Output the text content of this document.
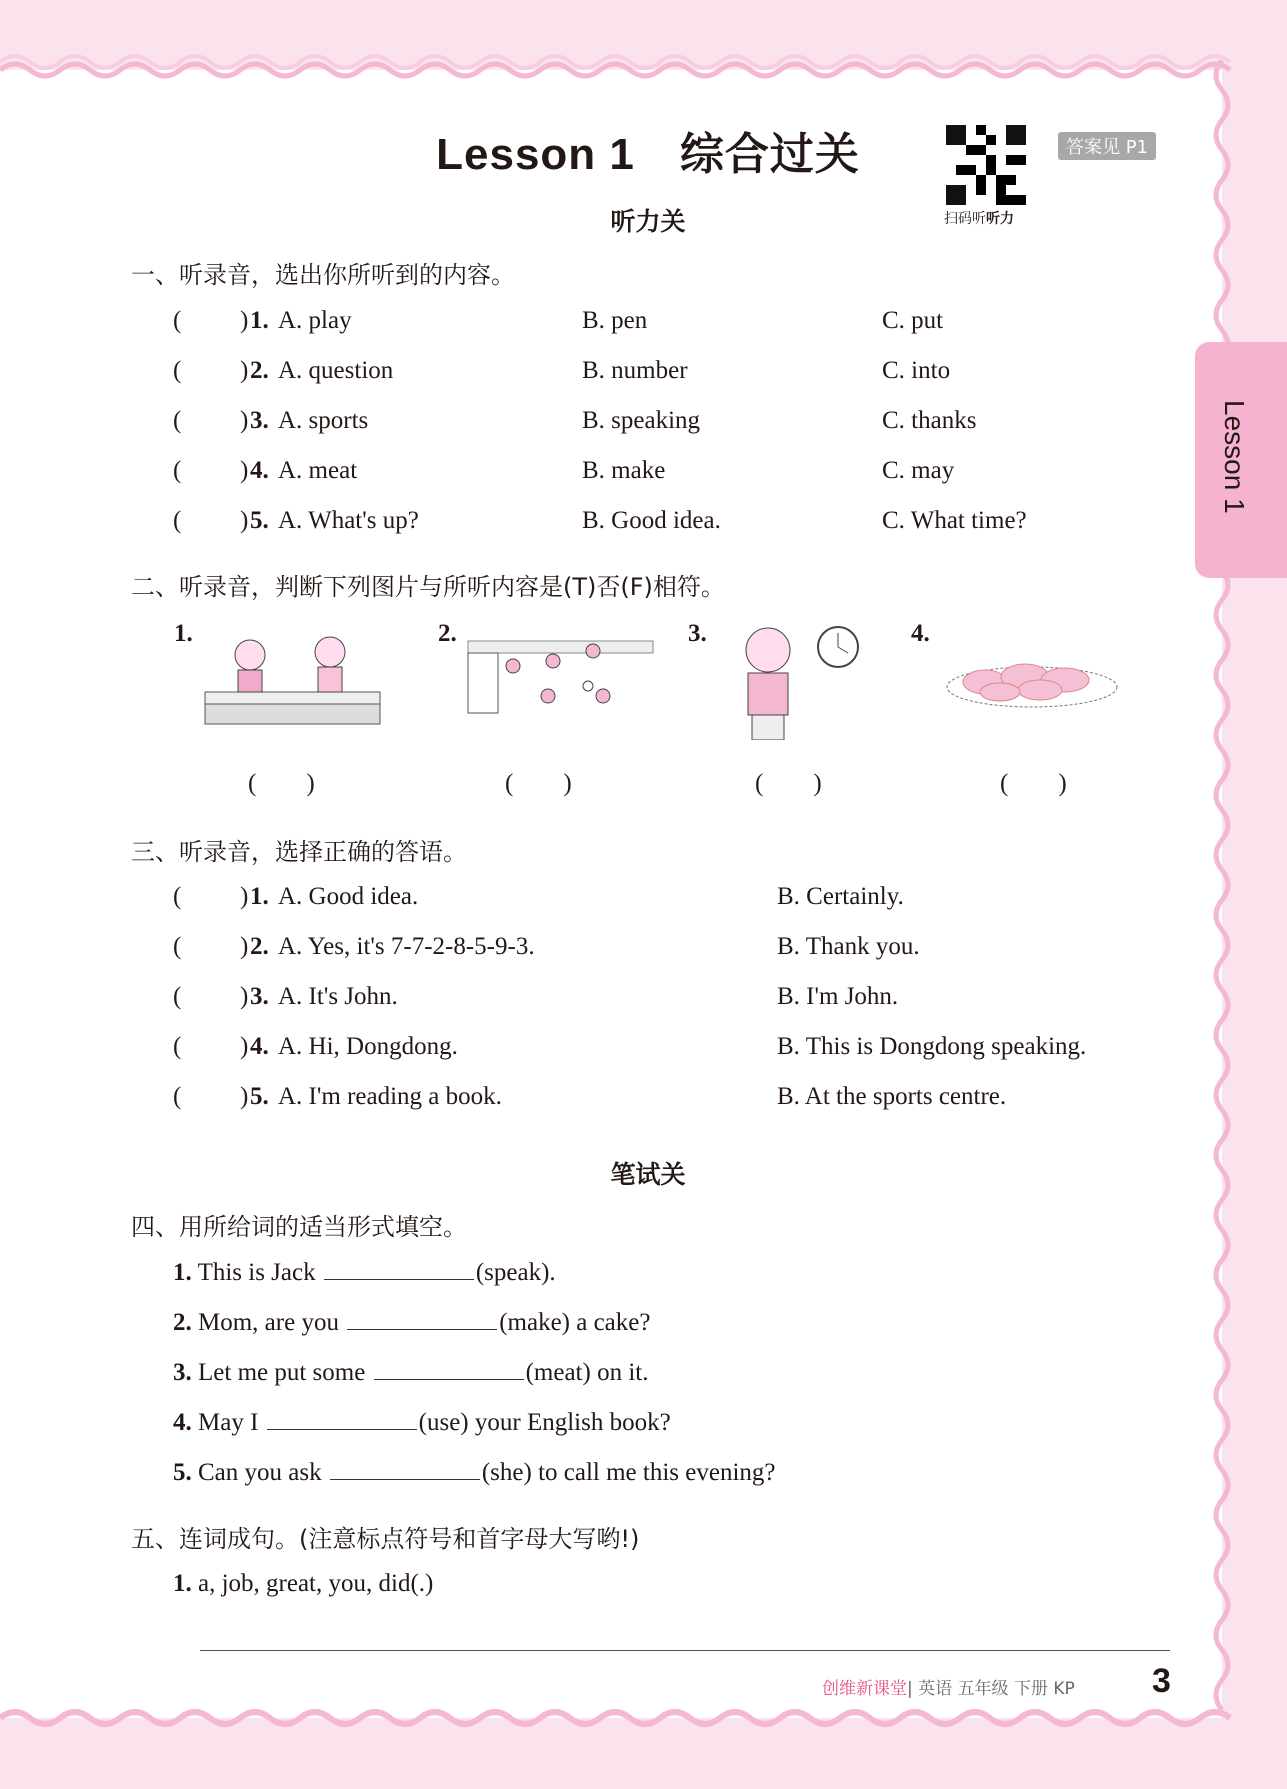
Lesson 1
Lesson 1　综合过关
扫码听听力
答案见 P1
听力关
一、听录音，选出你所听到的内容。
( ) 1. A. play	B. pen	C. put
( ) 2. A. question	B. number	C. into
( ) 3. A. sports	B. speaking	C. thanks
( ) 4. A. meat	B. make	C. may
( ) 5. A. What's up?	B. Good idea.	C. What time?
二、听录音，判断下列图片与所听内容是(T)否(F)相符。
1.	2.	3.	4.
(　　)	(　　)	(　　)	(　　)
三、听录音，选择正确的答语。
( ) 1. A. Good idea.	B. Certainly.
( ) 2. A. Yes, it's 7-7-2-8-5-9-3.	B. Thank you.
( ) 3. A. It's John.	B. I'm John.
( ) 4. A. Hi, Dongdong.	B. This is Dongdong speaking.
( ) 5. A. I'm reading a book.	B. At the sports centre.
笔试关
四、用所给词的适当形式填空。
1. This is Jack	(speak).
2. Mom, are you	(make) a cake?
3. Let me put some	(meat) on it.
4. May I	(use) your English book?
5. Can you ask	(she) to call me this evening?
五、连词成句。(注意标点符号和首字母大写哟!)
1. a, job, great, you, did(.)
创维新课堂| 英语 五年级 下册 KP 3
